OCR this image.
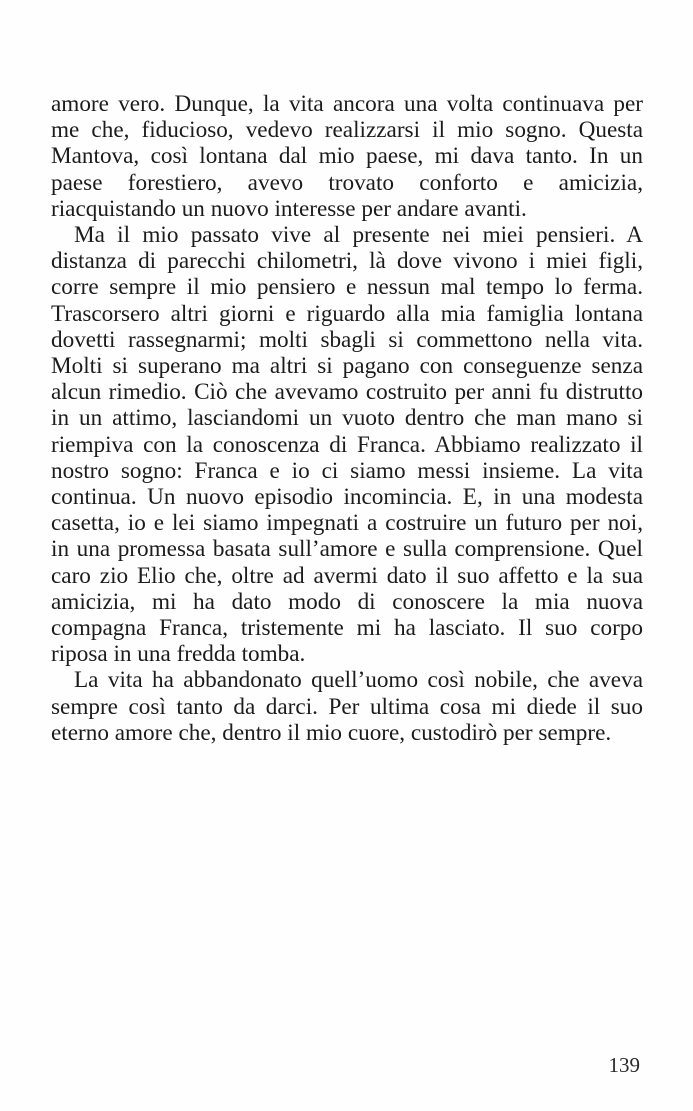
amore vero. Dunque, la vita ancora una volta continuava per me che, fiducioso, vedevo realizzarsi il mio sogno. Questa Mantova, così lontana dal mio paese, mi dava tanto. In un paese forestiero, avevo trovato conforto e amicizia, riacquistando un nuovo interesse per andare avanti.

Ma il mio passato vive al presente nei miei pensieri. A distanza di parecchi chilometri, là dove vivono i miei figli, corre sempre il mio pensiero e nessun mal tempo lo ferma. Trascorsero altri giorni e riguardo alla mia famiglia lontana dovetti rassegnarmi; molti sbagli si commettono nella vita. Molti si superano ma altri si pagano con conseguenze senza alcun rimedio. Ciò che avevamo costruito per anni fu distrutto in un attimo, lasciandomi un vuoto dentro che man mano si riempiva con la conoscenza di Franca. Abbiamo realizzato il nostro sogno: Franca e io ci siamo messi insieme. La vita continua. Un nuovo episodio incomincia. E, in una modesta casetta, io e lei siamo impegnati a costruire un futuro per noi, in una promessa basata sull’amore e sulla comprensione. Quel caro zio Elio che, oltre ad avermi dato il suo affetto e la sua amicizia, mi ha dato modo di conoscere la mia nuova compagna Franca, tristemente mi ha lasciato. Il suo corpo riposa in una fredda tomba.

La vita ha abbandonato quell’uomo così nobile, che aveva sempre così tanto da darci. Per ultima cosa mi diede il suo eterno amore che, dentro il mio cuore, custodirò per sempre.

139
